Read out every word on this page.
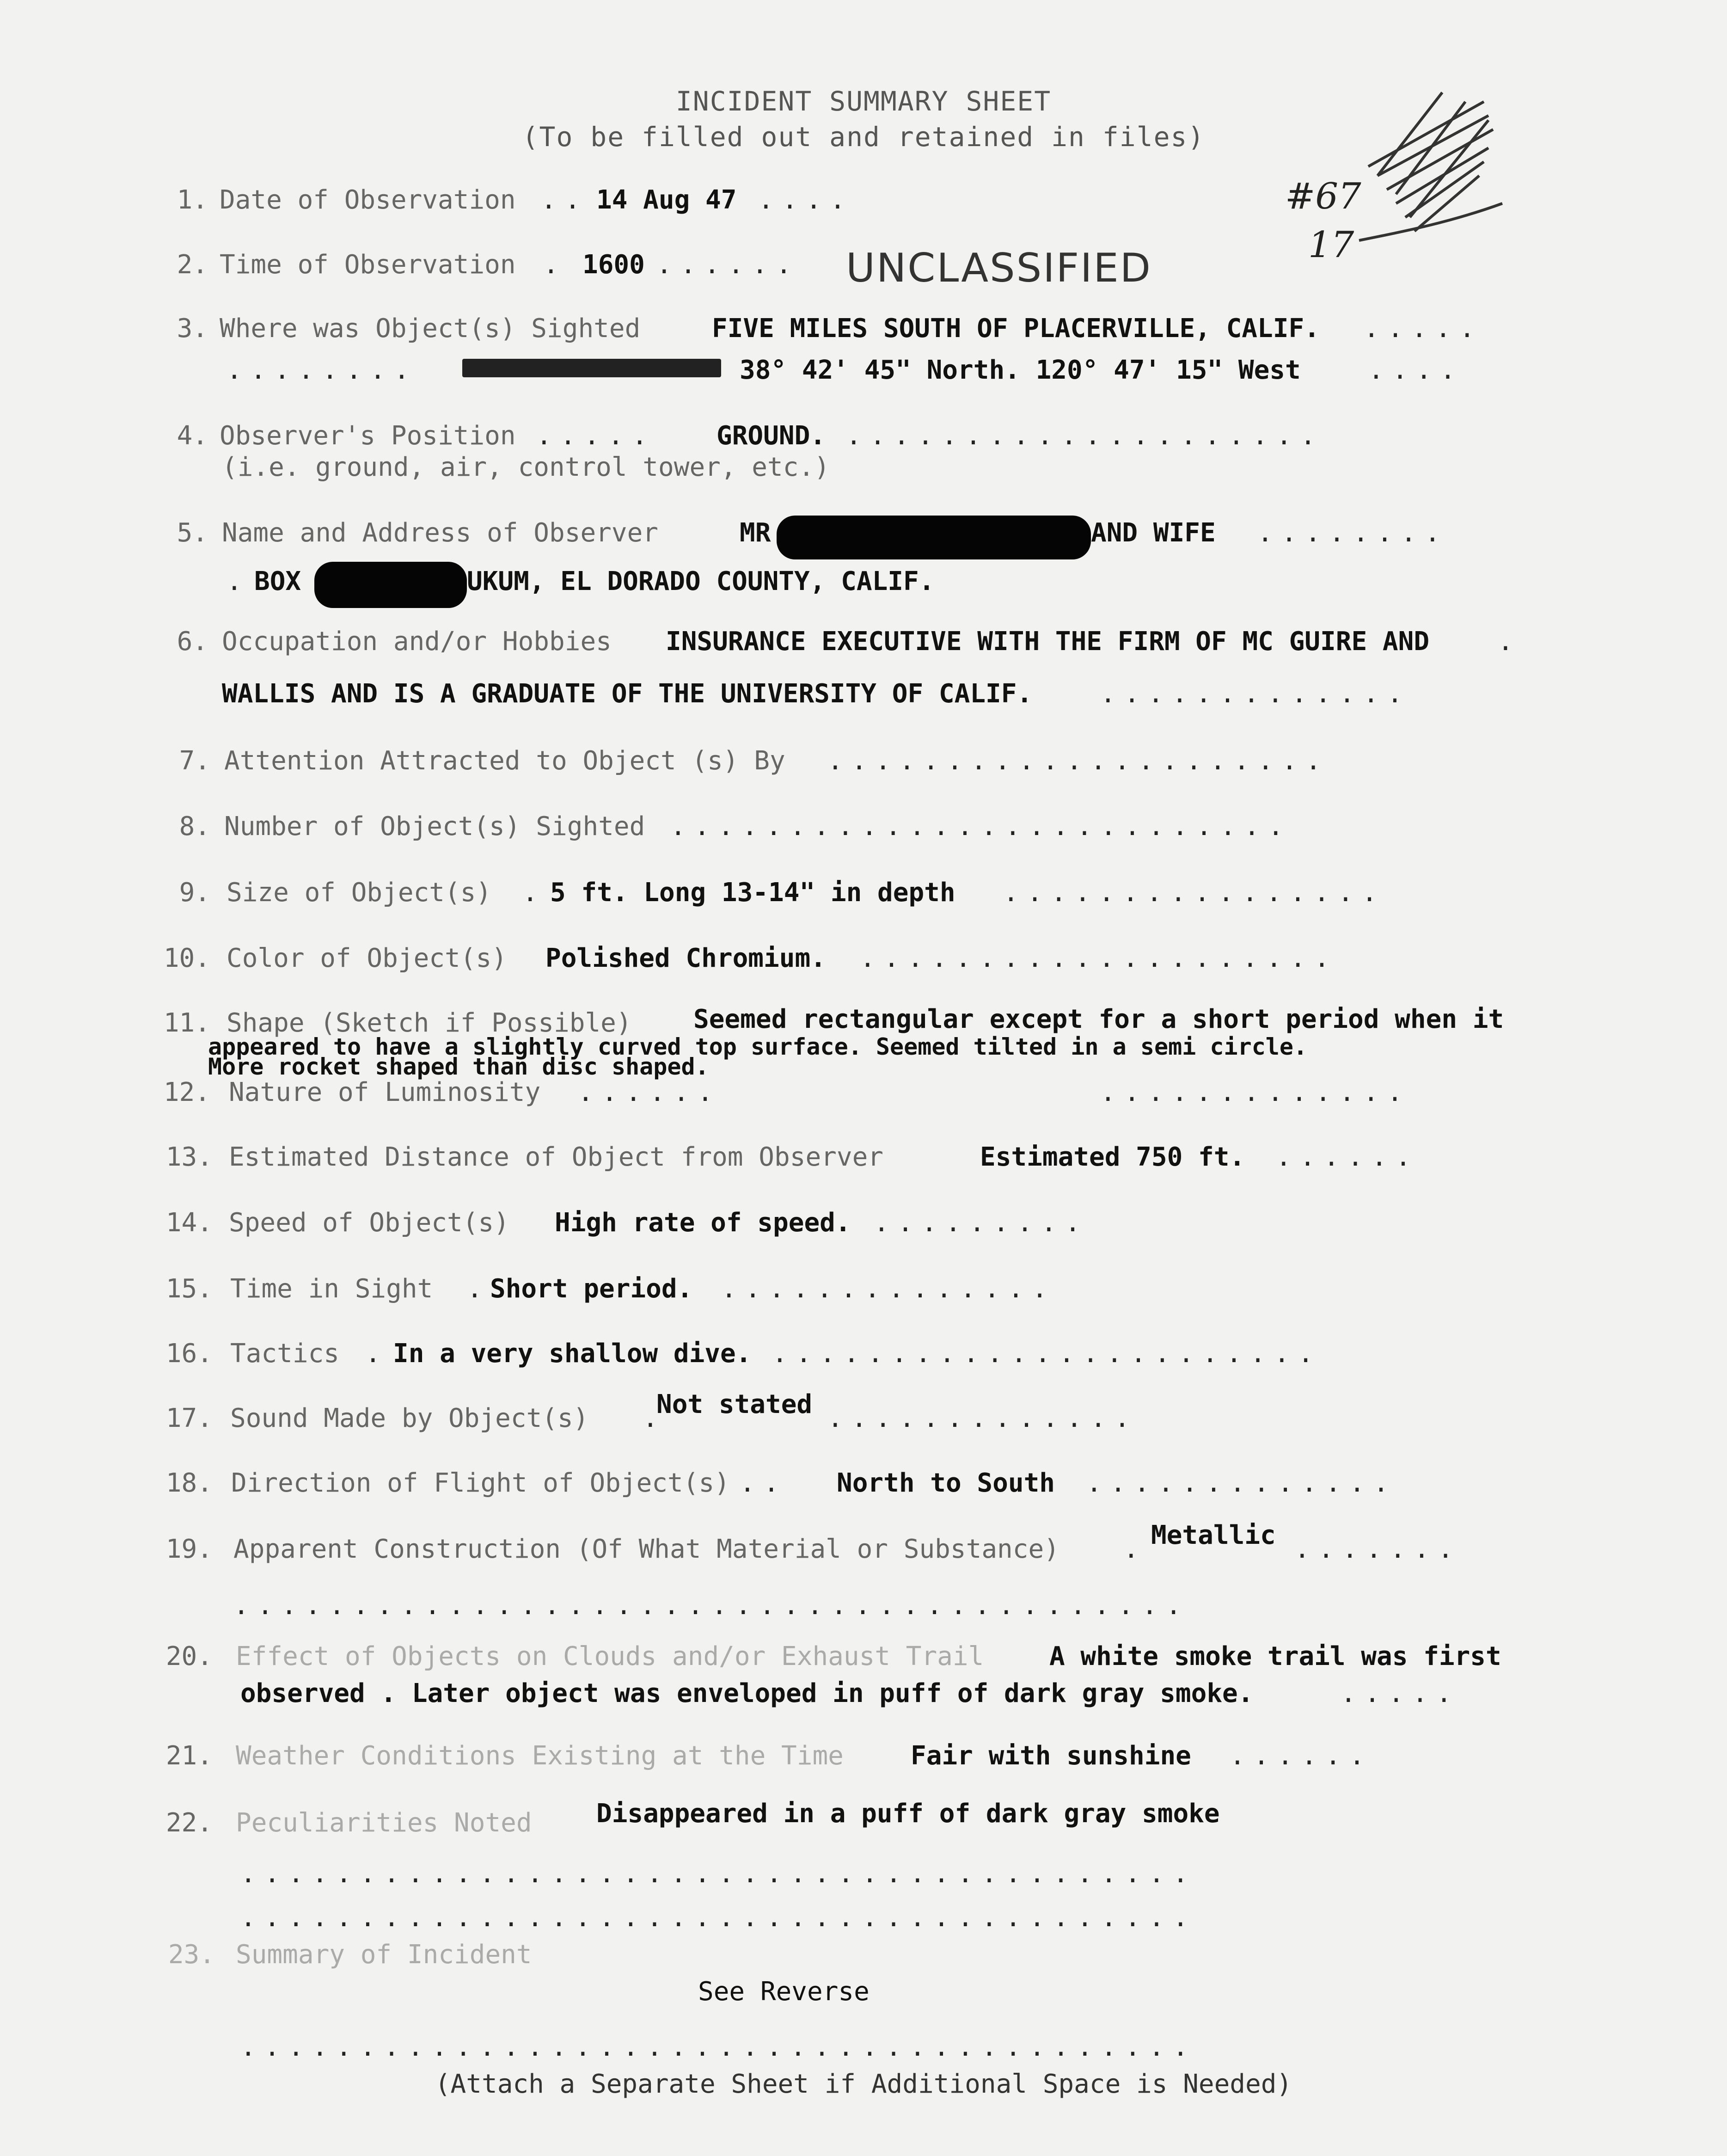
INCIDENT SUMMARY SHEET
(To be filled out and retained in files)
#67
17
UNCLASSIFIED
1. Date of Observation .. 14 Aug 47 ....
2. Time of Observation . 1600 ......
3. Where was Object(s) Sighted	FIVE MILES SOUTH OF PLACERVILLE, CALIF. .....
........	38° 42' 45" North. 120° 47' 15" West	....
4. Observer's Position .....	GROUND. ....................
(i.e. ground, air, control tower, etc.)
5. Name and Address of Observer	MR	AND WIFE ........
. BOX	UKUM, EL DORADO COUNTY, CALIF.
6. Occupation and/or Hobbies INSURANCE EXECUTIVE WITH THE FIRM OF MC GUIRE AND	.
WALLIS AND IS A GRADUATE OF THE UNIVERSITY OF CALIF.	.............
7. Attention Attracted to Object (s) By .....................
8. Number of Object(s) Sighted ..........................
9. Size of Object(s) . 5 ft. Long 13-14" in depth ................
10. Color of Object(s) Polished Chromium. ....................
11. Shape (Sketch if Possible) Seemed rectangular except for a short period when it
appeared to have a slightly curved top surface. Seemed tilted in a semi circle.
More rocket shaped than disc shaped.
12. Nature of Luminosity ......	.............
13. Estimated Distance of Object from Observer	Estimated 750 ft. ......
14. Speed of Object(s) High rate of speed. .........
15. Time in Sight .
Short period. ..............
16. Tactics . In a very shallow dive. .......................
17. Sound Made by Object(s) .
Not stated .............
18. Direction of Flight of Object(s) .. North to South .............
19. Apparent Construction (Of What Material or Substance) . Metallic .......
........................................
20. Effect of Objects on Clouds and/or Exhaust Trail	A white smoke trail was first
observed . Later object was enveloped in puff of dark gray smoke.	.....
21. Weather Conditions Existing at the Time	Fair with sunshine ......
22. Peculiarities Noted Disappeared in a puff of dark gray smoke
........................................
........................................
23. Summary of Incident
See Reverse
........................................
(Attach a Separate Sheet if Additional Space is Needed)
